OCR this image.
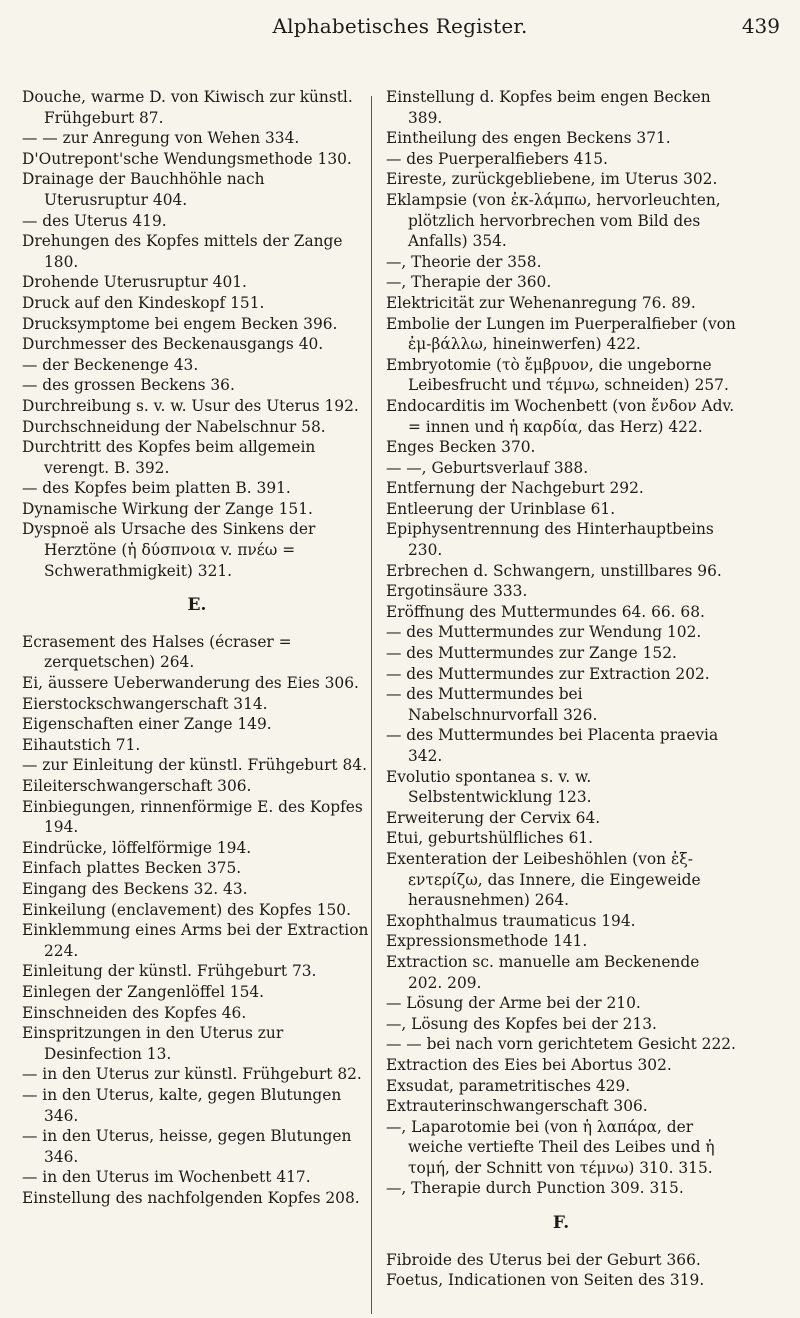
Alphabetisches Register.	439

Douche, warme D. von Kiwisch zur künstl. Frühgeburt 87.

— — zur Anregung von Wehen 334.

D'Outrepont'sche Wendungsmethode 130.

Drainage der Bauchhöhle nach Uterusruptur 404.

— des Uterus 419.

Drehungen des Kopfes mittels der Zange 180.

Drohende Uterusruptur 401.

Druck auf den Kindeskopf 151.

Drucksymptome bei engem Becken 396.

Durchmesser des Beckenausgangs 40.

— der Beckenenge 43.

— des grossen Beckens 36.

Durchreibung s. v. w. Usur des Uterus 192.

Durchschneidung der Nabelschnur 58.

Durchtritt des Kopfes beim allgemein verengt. B. 392.

— des Kopfes beim platten B. 391.

Dynamische Wirkung der Zange 151.

Dyspnoë als Ursache des Sinkens der Herztöne (ἡ δύσπνοια v. πνέω = Schwerathmigkeit) 321.

E.

Ecrasement des Halses (écraser = zerquetschen) 264.

Ei, äussere Ueberwanderung des Eies 306.

Eierstockschwangerschaft 314.

Eigenschaften einer Zange 149.

Eihautstich 71.

— zur Einleitung der künstl. Frühgeburt 84.

Eileiterschwangerschaft 306.

Einbiegungen, rinnenförmige E. des Kopfes 194.

Eindrücke, löffelförmige 194.

Einfach plattes Becken 375.

Eingang des Beckens 32. 43.

Einkeilung (enclavement) des Kopfes 150.

Einklemmung eines Arms bei der Extraction 224.

Einleitung der künstl. Frühgeburt 73.

Einlegen der Zangenlöffel 154.

Einschneiden des Kopfes 46.

Einspritzungen in den Uterus zur Desinfection 13.

— in den Uterus zur künstl. Frühgeburt 82.

— in den Uterus, kalte, gegen Blutungen 346.

— in den Uterus, heisse, gegen Blutungen 346.

— in den Uterus im Wochenbett 417.

Einstellung des nachfolgenden Kopfes 208.

Einstellung d. Kopfes beim engen Becken 389.

Eintheilung des engen Beckens 371.

— des Puerperalfiebers 415.

Eireste, zurückgebliebene, im Uterus 302.

Eklampsie (von ἐκ-λάμπω, hervorleuchten, plötzlich hervorbrechen vom Bild des Anfalls) 354.

—, Theorie der 358.

—, Therapie der 360.

Elektricität zur Wehenanregung 76. 89.

Embolie der Lungen im Puerperalfieber (von ἐμ-βάλλω, hineinwerfen) 422.

Embryotomie (τὸ ἔμβρυον, die ungeborne Leibesfrucht und τέμνω, schneiden) 257.

Endocarditis im Wochenbett (von ἔνδον Adv. = innen und ἡ καρδία, das Herz) 422.

Enges Becken 370.

— —, Geburtsverlauf 388.

Entfernung der Nachgeburt 292.

Entleerung der Urinblase 61.

Epiphysentrennung des Hinterhauptbeins 230.

Erbrechen d. Schwangern, unstillbares 96.

Ergotinsäure 333.

Eröffnung des Muttermundes 64. 66. 68.

— des Muttermundes zur Wendung 102.

— des Muttermundes zur Zange 152.

— des Muttermundes zur Extraction 202.

— des Muttermundes bei Nabelschnurvorfall 326.

— des Muttermundes bei Placenta praevia 342.

Evolutio spontanea s. v. w. Selbstentwicklung 123.

Erweiterung der Cervix 64.

Etui, geburtshülfliches 61.

Exenteration der Leibeshöhlen (von ἐξ-εντερίζω, das Innere, die Eingeweide herausnehmen) 264.

Exophthalmus traumaticus 194.

Expressionsmethode 141.

Extraction sc. manuelle am Beckenende 202. 209.

— Lösung der Arme bei der 210.

—, Lösung des Kopfes bei der 213.

— — bei nach vorn gerichtetem Gesicht 222.

Extraction des Eies bei Abortus 302.

Exsudat, parametritisches 429.

Extrauterinschwangerschaft 306.

—, Laparotomie bei (von ἡ λαπάρα, der weiche vertiefte Theil des Leibes und ἡ τομή, der Schnitt von τέμνω) 310. 315.

—, Therapie durch Punction 309. 315.

F.

Fibroide des Uterus bei der Geburt 366.

Foetus, Indicationen von Seiten des 319.
